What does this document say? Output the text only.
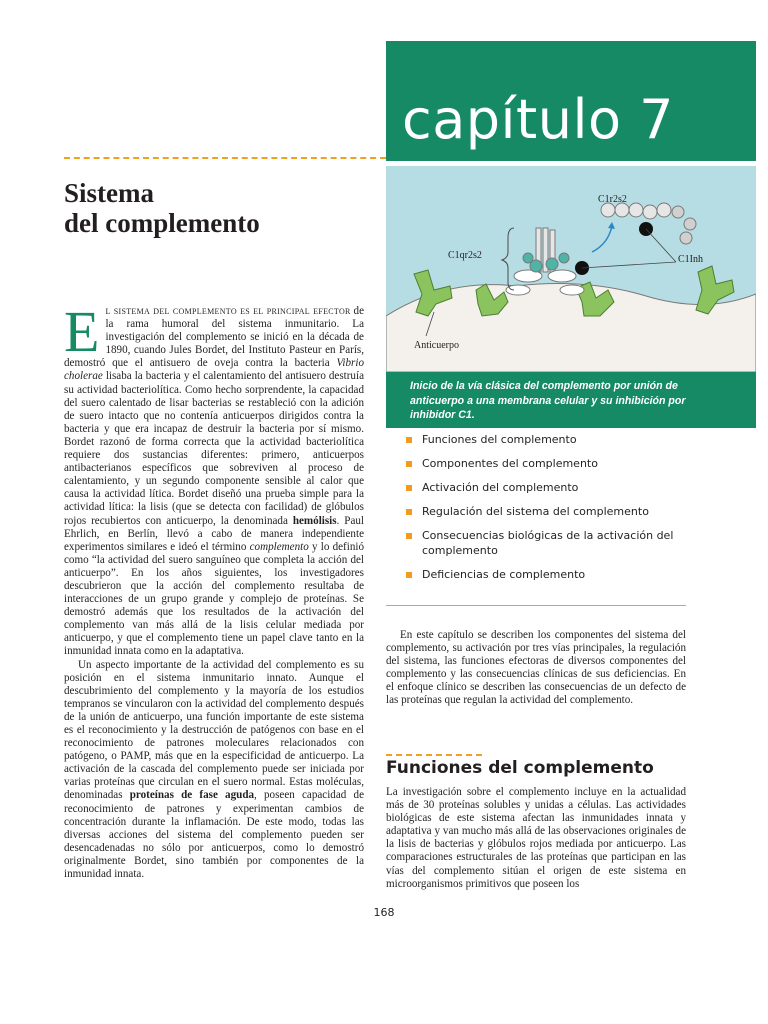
capítulo 7
Sistema
del complemento
C1r2s2
C1qr2s2	C1Inh
Anticuerpo

Inicio de la vía clásica del complemento por unión de anticuerpo a una membrana celular y su inhibición por inhibidor C1.

Funciones del complemento
Componentes del complemento
Activación del complemento
Regulación del sistema del complemento
Consecuencias biológicas de la activación del complemento
Deficiencias de complemento

El sistema del complemento es el principal efector de la rama humoral del sistema inmunitario. La investigación del complemento se inició en la década de 1890, cuando Jules Bordet, del Instituto Pasteur en París, demostró que el antisuero de oveja contra la bacteria Vibrio cholerae lisaba la bacteria y el calentamiento del antisuero destruía su actividad bacteriolítica. Como hecho sorprendente, la capacidad del suero calentado de lisar bacterias se restableció con la adición de suero intacto que no contenía anticuerpos dirigidos contra la bacteria y que era incapaz de destruir la bacteria por sí mismo. Bordet razonó de forma correcta que la actividad bacteriolítica requiere dos sustancias diferentes: primero, anticuerpos antibacterianos específicos que sobreviven al proceso de calentamiento, y un segundo componente sensible al calor que causa la actividad lítica. Bordet diseñó una prueba simple para la actividad lítica: la lisis (que se detecta con facilidad) de glóbulos rojos recubiertos con anticuerpo, la denominada hemólisis. Paul Ehrlich, en Berlín, llevó a cabo de manera independiente experimentos similares e ideó el término complemento y lo definió como “la actividad del suero sanguíneo que completa la acción del anticuerpo”. En los años siguientes, los investigadores descubrieron que la acción del complemento resultaba de interacciones de un grupo grande y complejo de proteínas. Se demostró además que los resultados de la activación del complemento van más allá de la lisis celular mediada por anticuerpo, y que el complemento tiene un papel clave tanto en la inmunidad innata como en la adaptativa.

Un aspecto importante de la actividad del complemento es su posición en el sistema inmunitario innato. Aunque el descubrimiento del complemento y la mayoría de los estudios tempranos se vincularon con la actividad del complemento después de la unión de anticuerpo, una función importante de este sistema es el reconocimiento y la destrucción de patógenos con base en el reconocimiento de patrones moleculares relacionados con patógeno, o PAMP, más que en la especificidad de anticuerpo. La activación de la cascada del complemento puede ser iniciada por varias proteínas que circulan en el suero normal. Estas moléculas, denominadas proteínas de fase aguda, poseen capacidad de reconocimiento de patrones y experimentan cambios de concentración durante la inflamación. De este modo, todas las diversas acciones del sistema del complemento pueden ser desencadenadas no sólo por anticuerpos, como lo demostró originalmente Bordet, sino también por componentes de la inmunidad innata.

En este capítulo se describen los componentes del sistema del complemento, su activación por tres vías principales, la regulación del sistema, las funciones efectoras de diversos componentes del complemento y las consecuencias clínicas de sus deficiencias. En el enfoque clínico se describen las consecuencias de un defecto de las proteínas que regulan la actividad del complemento.

Funciones del complemento

La investigación sobre el complemento incluye en la actualidad más de 30 proteínas solubles y unidas a células. Las actividades biológicas de este sistema afectan las inmunidades innata y adaptativa y van mucho más allá de las observaciones originales de la lisis de bacterias y glóbulos rojos mediada por anticuerpo. Las comparaciones estructurales de las proteínas que participan en las vías del complemento sitúan el origen de este sistema en microorganismos primitivos que poseen los

168
